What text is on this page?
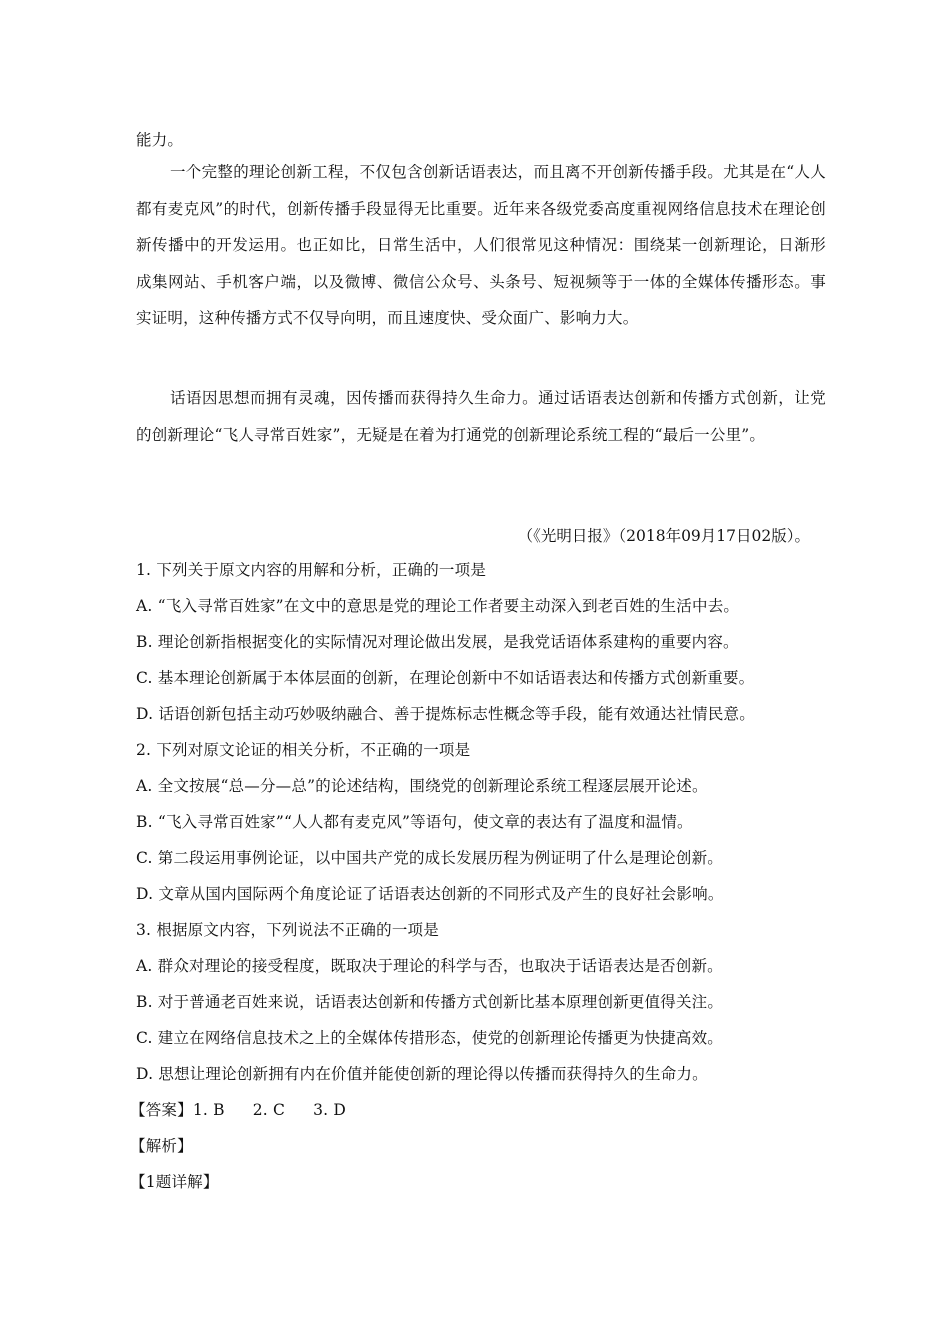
能力。

一个完整的理论创新工程，不仅包含创新话语表达，而且离不开创新传播手段。尤其是在“人人都有麦克风”的时代，创新传播手段显得无比重要。近年来各级党委高度重视网络信息技术在理论创新传播中的开发运用。也正如比，日常生活中，人们很常见这种情况：围绕某一创新理论，日渐形成集网站、手机客户端，以及微博、微信公众号、头条号、短视频等于一体的全媒体传播形态。事实证明，这种传播方式不仅导向明，而且速度快、受众面广、影响力大。

话语因思想而拥有灵魂，因传播而获得持久生命力。通过话语表达创新和传播方式创新，让党的创新理论“飞人寻常百姓家”，无疑是在着为打通党的创新理论系统工程的“最后一公里”。

（《光明日报》（2018年09月17日02版）。

1. 下列关于原文内容的用解和分析，正确的一项是

A. “飞入寻常百姓家”在文中的意思是党的理论工作者要主动深入到老百姓的生活中去。

B. 理论创新指根据变化的实际情况对理论做出发展，是我党话语体系建构的重要内容。

C. 基本理论创新属于本体层面的创新，在理论创新中不如话语表达和传播方式创新重要。

D. 话语创新包括主动巧妙吸纳融合、善于提炼标志性概念等手段，能有效通达社情民意。

2. 下列对原文论证的相关分析，不正确的一项是

A. 全文按展“总—分—总”的论述结构，围绕党的创新理论系统工程逐层展开论述。

B. “飞入寻常百姓家”“人人都有麦克风”等语句，使文章的表达有了温度和温情。

C. 第二段运用事例论证，以中国共产党的成长发展历程为例证明了什么是理论创新。

D. 文章从国内国际两个角度论证了话语表达创新的不同形式及产生的良好社会影响。

3. 根据原文内容，下列说法不正确的一项是

A. 群众对理论的接受程度，既取决于理论的科学与否，也取决于话语表达是否创新。

B. 对于普通老百姓来说，话语表达创新和传播方式创新比基本原理创新更值得关注。

C. 建立在网络信息技术之上的全媒体传措形态，使党的创新理论传播更为快捷高效。

D. 思想让理论创新拥有内在价值并能使创新的理论得以传播而获得持久的生命力。

【答案】1. B 2. C 3. D

【解析】

【1题详解】
